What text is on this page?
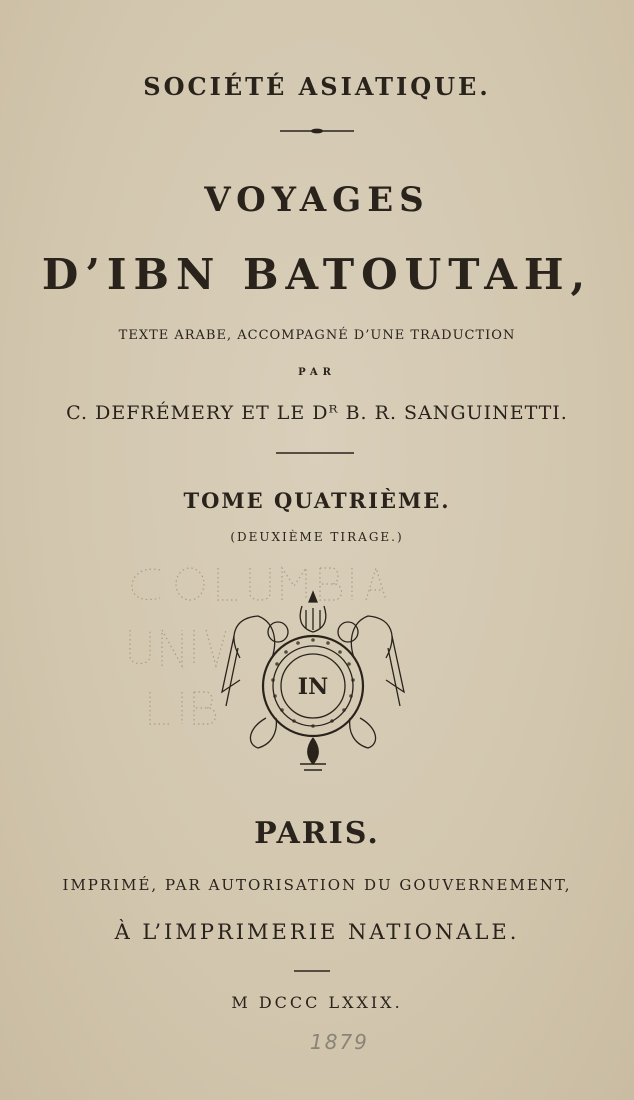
SOCIÉTÉ ASIATIQUE.
VOYAGES
D’IBN BATOUTAH,
TEXTE ARABE, ACCOMPAGNÉ D’UNE TRADUCTION
PAR
C. DEFRÉMERY ET LE Dᴿ B. R. SANGUINETTI.
TOME QUATRIÈME.
(DEUXIÈME TIRAGE.)
IN
PARIS.
IMPRIMÉ, PAR AUTORISATION DU GOUVERNEMENT,
À L’IMPRIMERIE NATIONALE.
M DCCC LXXIX.
1879
